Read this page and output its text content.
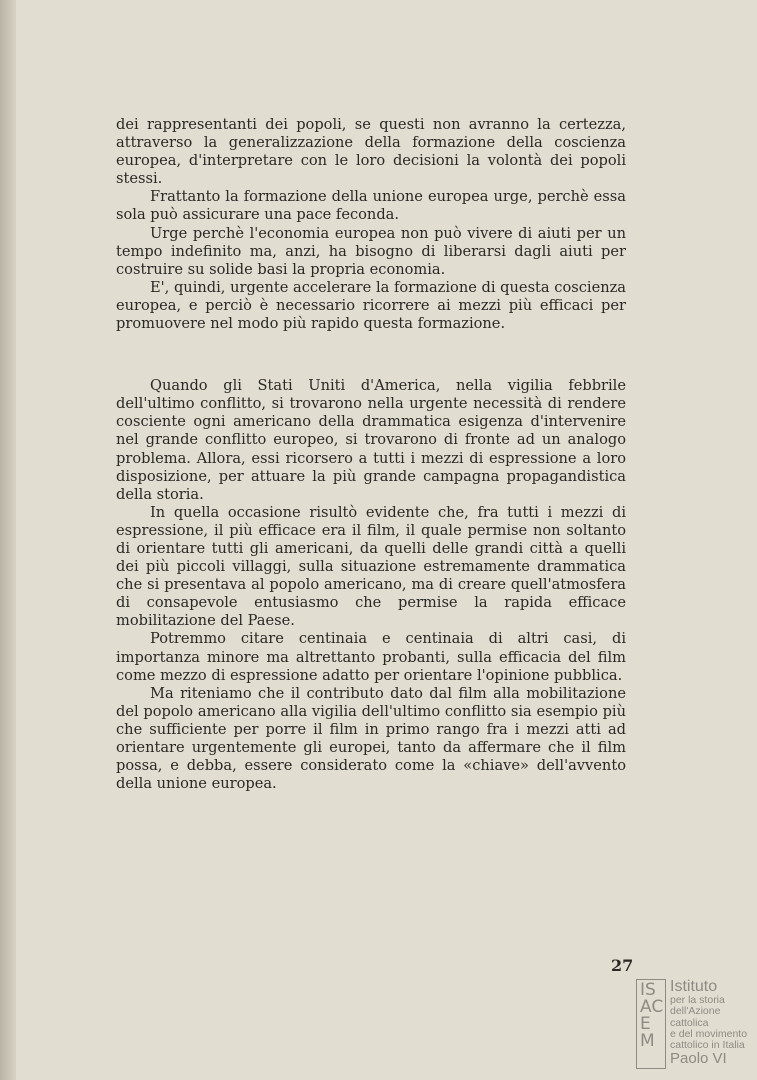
dei rappresentanti dei popoli, se questi non avranno la certezza, attraverso la generalizzazione della formazione della coscienza europea, d'interpretare con le loro decisioni la volontà dei popoli stessi.

Frattanto la formazione della unione europea urge, perchè essa sola può assicurare una pace feconda.

Urge perchè l'economia europea non può vivere di aiuti per un tempo indefinito ma, anzi, ha bisogno di liberarsi dagli aiuti per costruire su solide basi la propria economia.

E', quindi, urgente accelerare la formazione di questa coscienza europea, e perciò è necessario ricorrere ai mezzi più efficaci per promuovere nel modo più rapido questa formazione.

Quando gli Stati Uniti d'America, nella vigilia febbrile dell'ultimo conflitto, si trovarono nella urgente necessità di rendere cosciente ogni americano della drammatica esigenza d'intervenire nel grande conflitto europeo, si trovarono di fronte ad un analogo problema. Allora, essi ricorsero a tutti i mezzi di espressione a loro disposizione, per attuare la più grande campagna propagandistica della storia.

In quella occasione risultò evidente che, fra tutti i mezzi di espressione, il più efficace era il film, il quale permise non soltanto di orientare tutti gli americani, da quelli delle grandi città a quelli dei più piccoli villaggi, sulla situazione estremamente drammatica che si presentava al popolo americano, ma di creare quell'atmosfera di consapevole entusiasmo che permise la rapida efficace mobilitazione del Paese.

Potremmo citare centinaia e centinaia di altri casi, di importanza minore ma altrettanto probanti, sulla efficacia del film come mezzo di espressione adatto per orientare l'opinione pubblica.

Ma riteniamo che il contributo dato dal film alla mobilitazione del popolo americano alla vigilia dell'ultimo conflitto sia esempio più che sufficiente per porre il film in primo rango fra i mezzi atti ad orientare urgentemente gli europei, tanto da affermare che il film possa, e debba, essere considerato come la «chiave» dell'avvento della unione europea.

27
ISACEM
Istituto
per la storia
dell'Azione cattolica
e del movimento
cattolico in Italia
Paolo VI
